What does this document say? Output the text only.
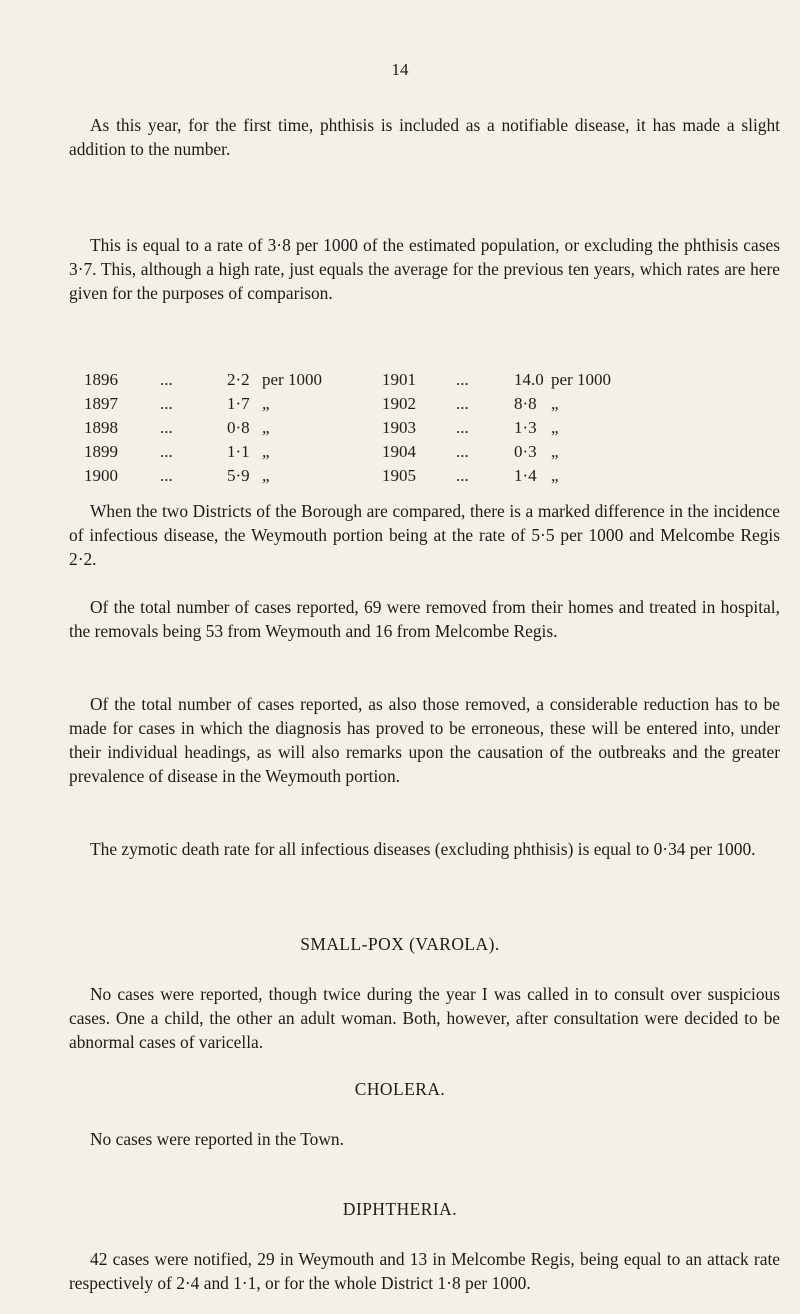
14

As this year, for the first time, phthisis is included as a notifiable disease, it has made a slight addition to the number.

This is equal to a rate of 3·8 per 1000 of the estimated population, or excluding the phthisis cases 3·7. This, although a high rate, just equals the average for the previous ten years, which rates are here given for the purposes of comparison.

1896 ...	2·2 per 1000	1901 ...	14.0 per 1000
1897 ...	1·7 „	1902 ...	8·8 „
1898 ...	0·8 „	1903 ...	1·3 „
1899 ...	1·1 „	1904 ...	0·3 „
1900 ...	5·9 „	1905 ...	1·4 „

When the two Districts of the Borough are compared, there is a marked difference in the incidence of infectious disease, the Weymouth portion being at the rate of 5·5 per 1000 and Melcombe Regis 2·2.

Of the total number of cases reported, 69 were removed from their homes and treated in hospital, the removals being 53 from Weymouth and 16 from Melcombe Regis.

Of the total number of cases reported, as also those removed, a considerable reduction has to be made for cases in which the diagnosis has proved to be erroneous, these will be entered into, under their individual headings, as will also remarks upon the causation of the outbreaks and the greater prevalence of disease in the Weymouth portion.

The zymotic death rate for all infectious diseases (excluding phthisis) is equal to 0·34 per 1000.

SMALL-POX (VAROLA).

No cases were reported, though twice during the year I was called in to consult over suspicious cases. One a child, the other an adult woman. Both, however, after consultation were decided to be abnormal cases of varicella.

CHOLERA.

No cases were reported in the Town.

DIPHTHERIA.

42 cases were notified, 29 in Weymouth and 13 in Melcombe Regis, being equal to an attack rate respectively of 2·4 and 1·1, or for the whole District 1·8 per 1000.
